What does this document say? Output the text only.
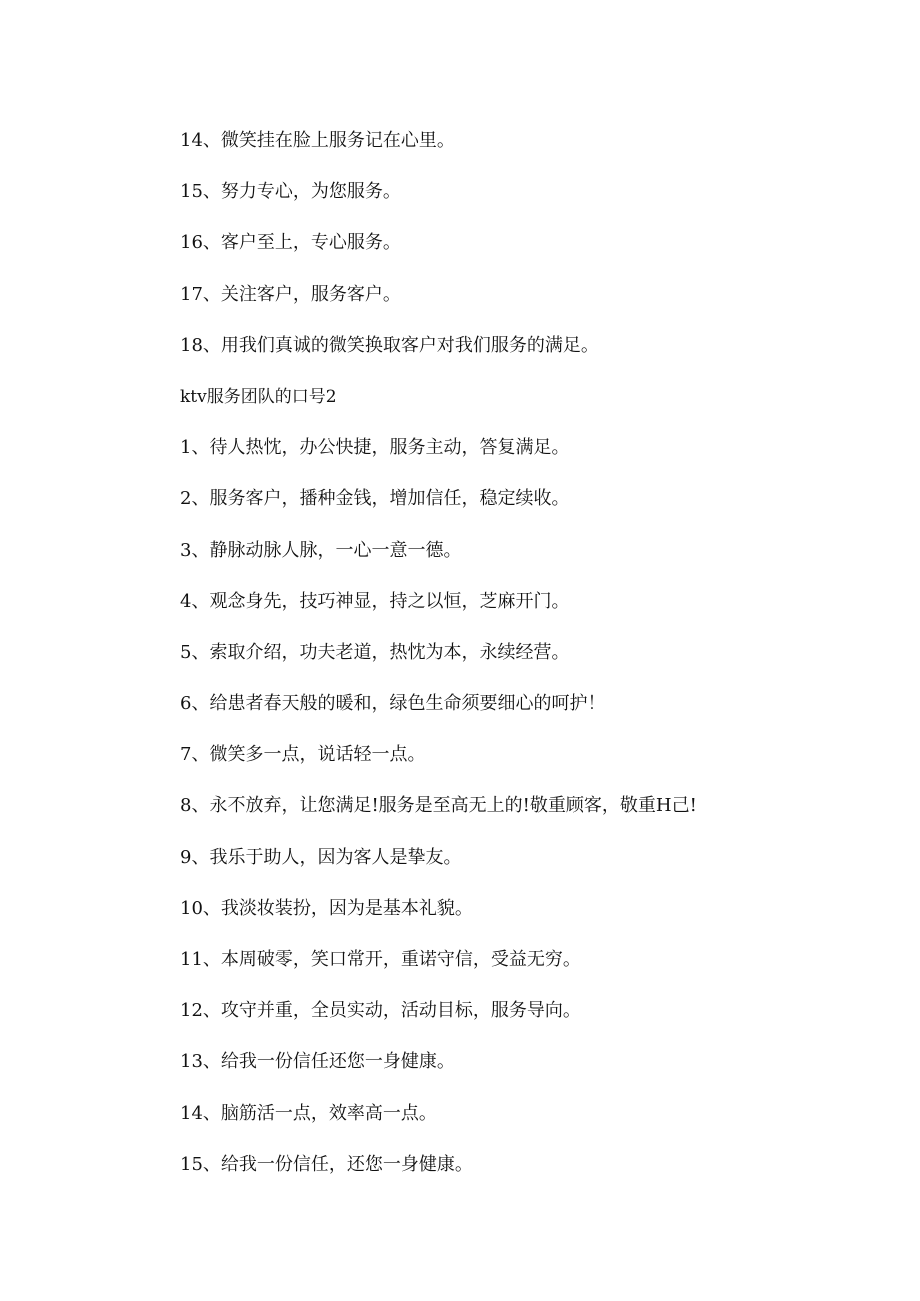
14、微笑挂在脸上服务记在心里。
15、努力专心，为您服务。
16、客户至上，专心服务。
17、关注客户，服务客户。
18、用我们真诚的微笑换取客户对我们服务的满足。
ktv服务团队的口号2
1、待人热忱，办公快捷，服务主动，答复满足。
2、服务客户，播种金钱，增加信任，稳定续收。
3、静脉动脉人脉，一心一意一德。
4、观念身先，技巧神显，持之以恒，芝麻开门。
5、索取介绍，功夫老道，热忱为本，永续经营。
6、给患者春天般的暖和，绿色生命须要细心的呵护！
7、微笑多一点，说话轻一点。
8、永不放弃，让您满足!服务是至高无上的!敬重顾客，敬重H己!
9、我乐于助人，因为客人是挚友。
10、我淡妆装扮，因为是基本礼貌。
11、本周破零，笑口常开，重诺守信，受益无穷。
12、攻守并重，全员实动，活动目标，服务导向。
13、给我一份信任还您一身健康。
14、脑筋活一点，效率高一点。
15、给我一份信任，还您一身健康。
